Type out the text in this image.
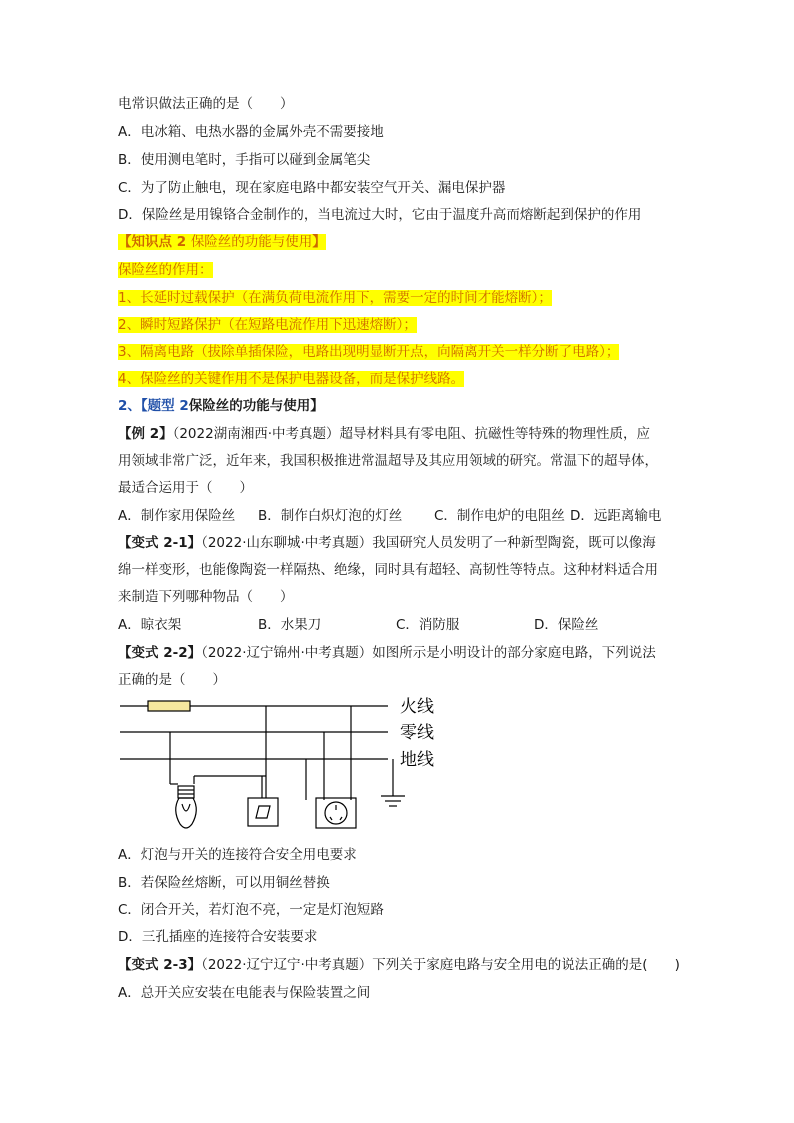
电常识做法正确的是（　　）
A．电冰箱、电热水器的金属外壳不需要接地
B．使用测电笔时，手指可以碰到金属笔尖
C．为了防止触电，现在家庭电路中都安装空气开关、漏电保护器
D．保险丝是用镍铬合金制作的，当电流过大时，它由于温度升高而熔断起到保护的作用
【知识点 2 保险丝的功能与使用】
保险丝的作用：
1、长延时过载保护（在满负荷电流作用下，需要一定的时间才能熔断）；
2、瞬时短路保护（在短路电流作用下迅速熔断）；
3、隔离电路（拔除单插保险，电路出现明显断开点，向隔离开关一样分断了电路）；
4、保险丝的关键作用不是保护电器设备，而是保护线路。
2、【题型 2保险丝的功能与使用】
【例 2】（2022湖南湘西·中考真题）超导材料具有零电阻、抗磁性等特殊的物理性质，应
用领域非常广泛，近年来，我国积极推进常温超导及其应用领域的研究。常温下的超导体，
最适合运用于（　　）
A．制作家用保险丝 B．制作白炽灯泡的灯丝 C．制作电炉的电阻丝 D．远距离输电
【变式 2-1】（2022·山东聊城·中考真题）我国研究人员发明了一种新型陶瓷，既可以像海
绵一样变形，也能像陶瓷一样隔热、绝缘，同时具有超轻、高韧性等特点。这种材料适合用
来制造下列哪种物品（　　）
A．晾衣架	B．水果刀	C．消防服	D．保险丝
【变式 2-2】（2022·辽宁锦州·中考真题）如图所示是小明设计的部分家庭电路，下列说法
正确的是（　　）
火线
零线
地线
A．灯泡与开关的连接符合安全用电要求
B．若保险丝熔断，可以用铜丝替换
C．闭合开关，若灯泡不亮，一定是灯泡短路
D．三孔插座的连接符合安装要求
【变式 2-3】（2022·辽宁辽宁·中考真题）下列关于家庭电路与安全用电的说法正确的是(　　)
A．总开关应安装在电能表与保险装置之间
